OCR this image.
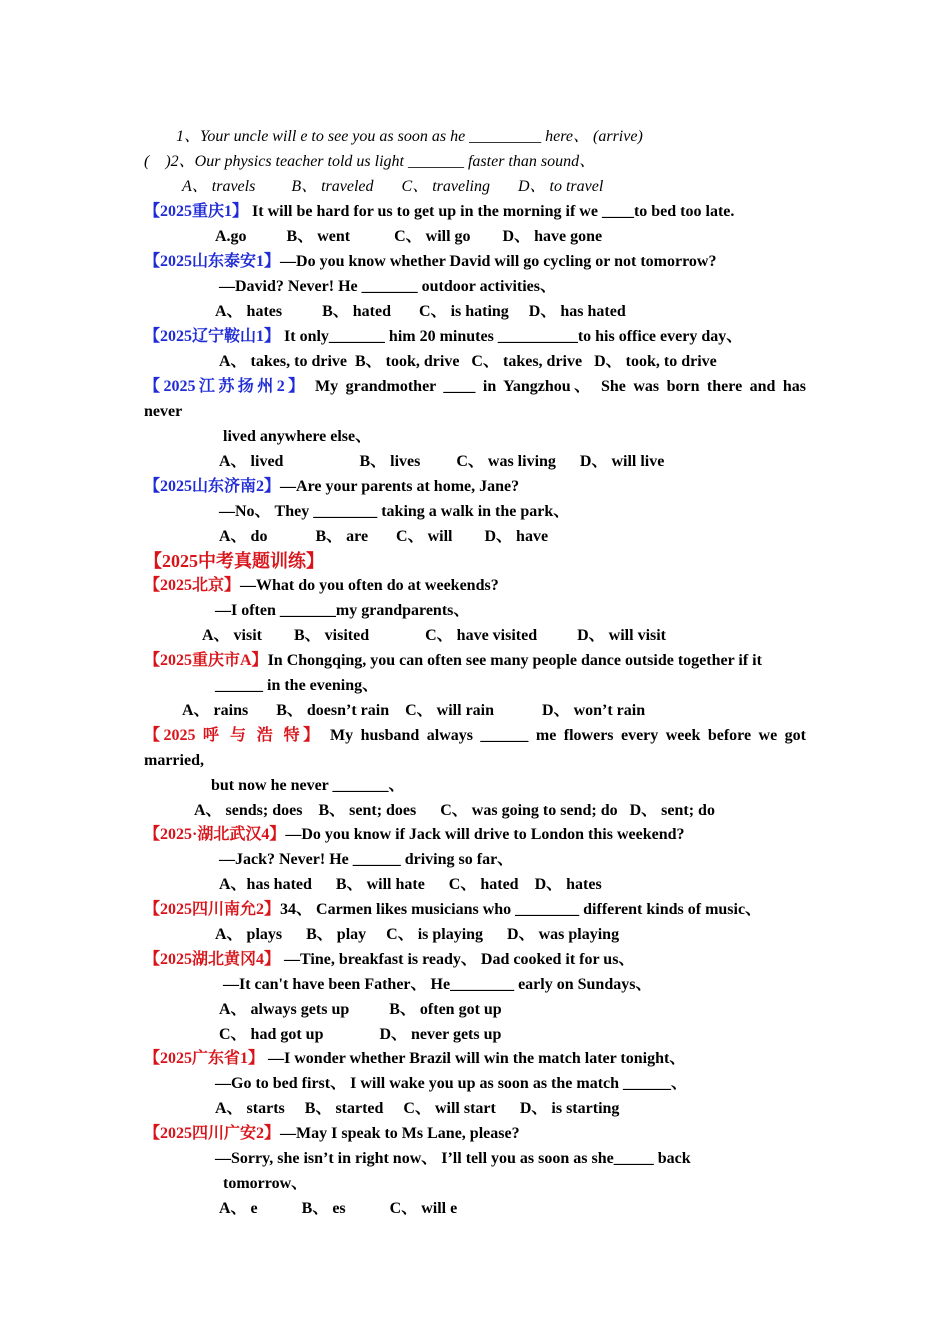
1、Your uncle will e to see you as soon as he _________ here、 (arrive)
(    )2、Our physics teacher told us light _______ faster than sound、
A、 travels         B、 traveled       C、 traveling       D、 to travel
【2025重庆1】 It will be hard for us to get up in the morning if we ____to bed too late.
A.go          B、 went           C、 will go        D、 have gone
【2025山东泰安1】—Do you know whether David will go cycling or not tomorrow?
—David? Never! He _______ outdoor activities、
A、 hates          B、 hated       C、 is hating     D、 has hated
【2025辽宁鞍山1】 It only_______ him 20 minutes __________to his office every day、
A、 takes, to drive  B、 took, drive   C、 takes, drive   D、 took, to drive
【2025江苏扬州2】 My grandmother ____ in Yangzhou、 She was born there and has
never
lived anywhere else、
A、 lived                   B、 lives         C、 was living      D、 will live
【2025山东济南2】—Are your parents at home, Jane?
—No、 They ________ taking a walk in the park、
A、 do            B、 are       C、 will        D、 have
【2025中考真题训练】
【2025北京】—What do you often do at weekends?
—I often _______my grandparents、
A、 visit        B、 visited              C、 have visited          D、 will visit
【2025重庆市A】In Chongqing, you can often see many people dance outside together if it
______ in the evening、
A、 rains       B、 doesn’t rain    C、 will rain            D、 won’t rain
【2025 呼 与 浩 特】 My husband always ______ me flowers every week before we got
married,
but now he never _______、
A、 sends; does    B、 sent; does      C、 was going to send; do   D、 sent; do
【2025·湖北武汉4】—Do you know if Jack will drive to London this weekend?
—Jack? Never! He ______ driving so far、
A、has hated      B、 will hate      C、 hated    D、 hates
【2025四川南允2】34、 Carmen likes musicians who ________ different kinds of music、
A、 plays      B、 play     C、 is playing      D、 was playing
【2025湖北黄冈4】 —Tine, breakfast is ready、 Dad cooked it for us、
—It can't have been Father、 He________ early on Sundays、
A、 always gets up          B、 often got up
C、 had got up              D、 never gets up
【2025广东省1】 —I wonder whether Brazil will win the match later tonight、
—Go to bed first、 I will wake you up as soon as the match ______、
A、 starts     B、 started     C、 will start      D、 is starting
【2025四川广安2】—May I speak to Ms Lane, please?
—Sorry, she isn’t in right now、 I’ll tell you as soon as she_____ back
tomorrow、
A、 e           B、 es           C、 will e
